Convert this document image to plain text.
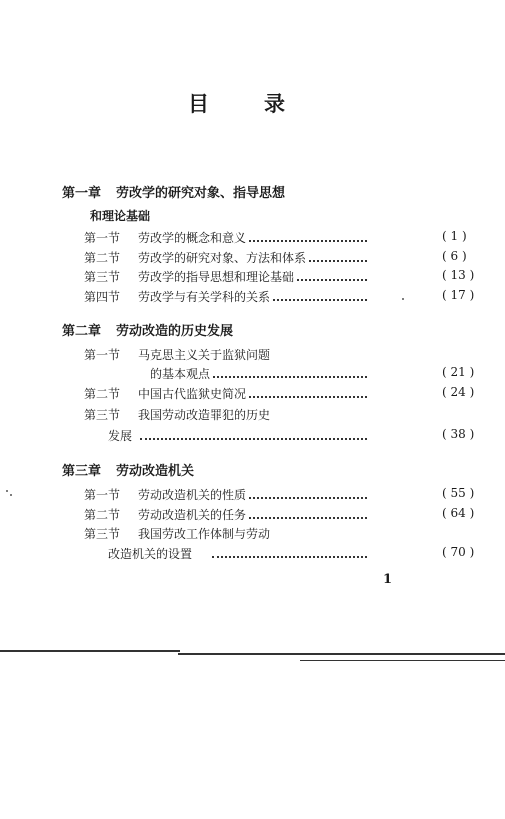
目	录
第一章 劳改学的研究对象、指导思想
和理论基础
第一节 劳改学的概念和意义	( 1 )
第二节 劳改学的研究对象、方法和体系	( 6 )
第三节 劳改学的指导思想和理论基础	( 13 )
第四节 劳改学与有关学科的关系	( 17 )
第二章 劳动改造的历史发展
第一节 马克思主义关于监狱问题
的基本观点	( 21 )
第二节 中国古代监狱史简况	( 24 )
第三节 我国劳动改造罪犯的历史
发展	( 38 )
第三章 劳动改造机关
第一节 劳动改造机关的性质	( 55 )
第二节 劳动改造机关的任务	( 64 )
第三节 我国劳改工作体制与劳动
改造机关的设置	( 70 )
1
